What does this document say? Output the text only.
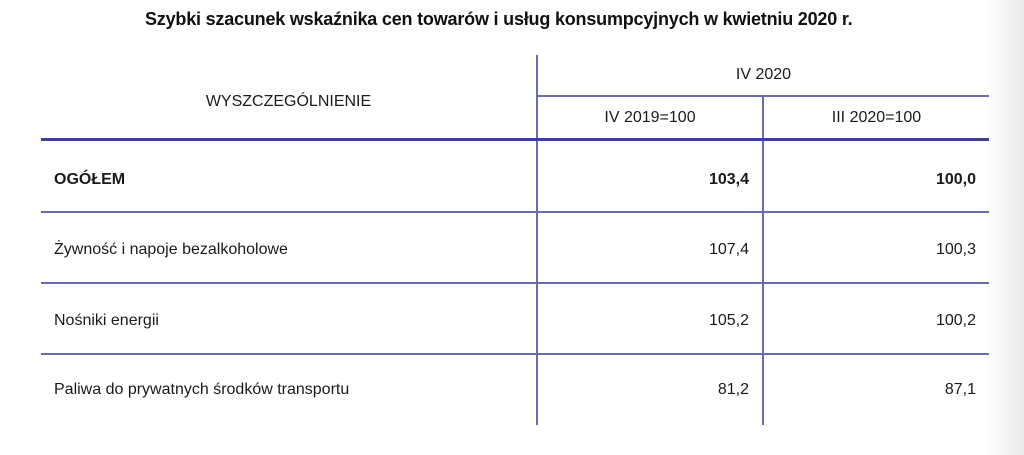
Szybki szacunek wskaźnika cen towarów i usług konsumpcyjnych w kwietniu 2020 r.
WYSZCZEGÓLNIENIE
IV 2020
IV 2019=100	III 2020=100
OGÓŁEM	103,4	100,0
Żywność i napoje bezalkoholowe	107,4	100,3
Nośniki energii	105,2	100,2
Paliwa do prywatnych środków transportu	81,2	87,1
